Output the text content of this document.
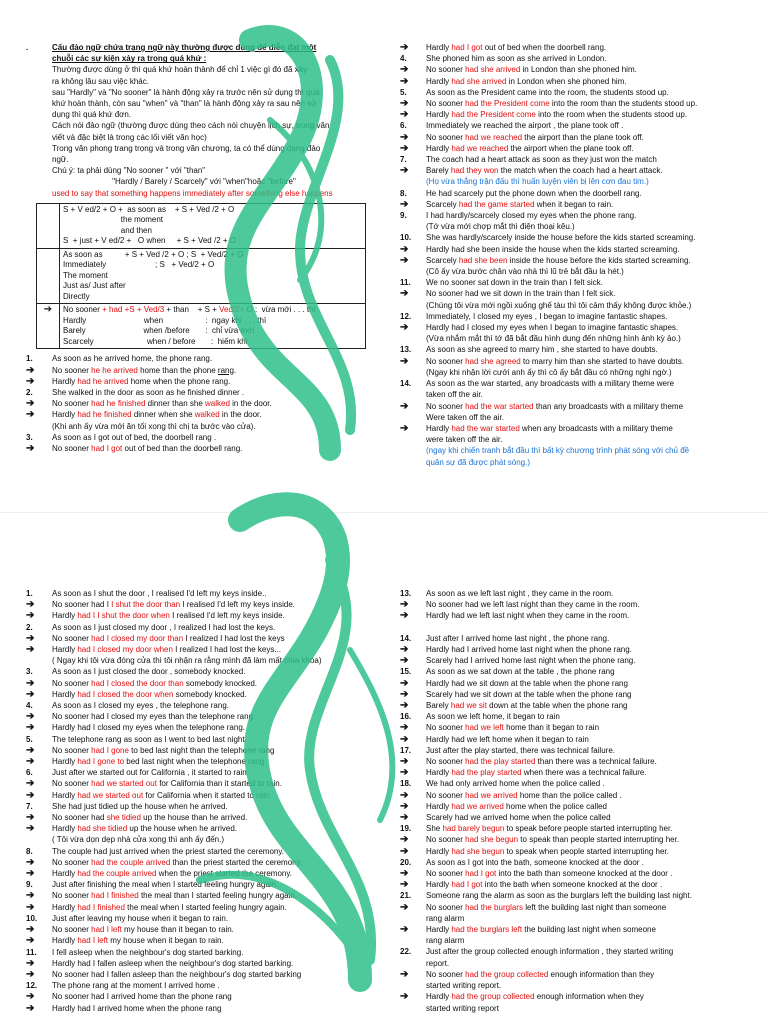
.	Cấu đảo ngữ chứa trạng ngữ này thường được dùng để diễn đạt một
chuỗi các sự kiện xảy ra trong quá khứ :
Thường được dùng ở thì quá khứ hoàn thành để chỉ 1 việc gì đó đã xảy
ra không lâu sau việc khác.
sau "Hardly" và "No sooner" là hành động xảy ra trước nên sử dụng thì quá
khứ hoàn thành, còn sau "when" và "than" là hành động xảy ra sau nên sử
dụng thì quá khứ đơn.
Cách nói đảo ngữ (thường được dùng theo cách nói chuyện lịch sự, trong văn
viết và đặc biệt là trong các lối viết văn học)
Trong văn phong trang trọng và trong văn chương, ta có thể dùng dạng đảo
ngữ.
Chú ý: ta phải dùng "No sooner " với "than"
"Hardly / Barely / Scarcely" với "when"hoặc "before"
used to say that something happens immediately after something else happens

	S + V ed/2 + O +  as soon as    + S + Ved /2 + O
the moment
and then
S  + just + V ed/2 +   O when     + S + Ved /2 + O

	As soon as          + S + Ved /2 + O ; S  + Ved/2 + O
Immediately                      ; S   + Ved/2 + O
The moment
Just as/ Just after
Directly

➔	No sooner + had +S + Ved/3 + than    + S + Ved/2+ O :  vừa mới . . . thì
Hardly                          when                   :  ngay khi . . . thì
Barely                          when /before       :  chỉ vừa mới
Scarcely                        when / before       :  hiếm khi
1.	As soon as he arrived home, the phone rang.
➔	No sooner he he arrived home than the phone rang.
➔	Hardly had he arrived home when the phone rang.
2.	She walked in the door as soon as he finished dinner .
➔	No sooner had he finished dinner than she walked in the door.
➔	Hardly had he finished dinner when she walked in the door.
(Khi anh ấy vừa mới ăn tối xong thì chị ta bước vào cửa).
3.	As soon as I got out of bed, the doorbell rang .
➔	No sooner had I got out of bed than the doorbell rang.
➔	Hardly had I got out of bed when the doorbell rang.
4.	She phoned him as soon as she arrived in London.
➔	No sooner had she arrived in London than she phoned him.
➔	Hardly had she arrived in London when she phoned him.
5.	As soon as the President came into the room, the students stood up.
➔	No sooner had the President come into the room than the students stood up.
➔	Hardly had the President come into the room when the students stood up.
6.	Immediately we reached the airport , the plane took off .
➔	No sooner had we reached the airport than the plane took off.
➔	Hardly had we reached the airport when the plane took off.
7.	The coach had a heart attack as soon as they just won the match
➔	Barely had they won the match when the coach had a heart attack.
(Họ vừa thắng trận đấu thì huấn luyện viên bị lên cơn đau tim.)
8.	He had scarcely put the phone down when the doorbell rang.
➔	Scarcely had the game started when it began to rain.
9.	I had hardly/scarcely closed my eyes when the phone rang.
(Tớ vừa mới chợp mắt thì điện thoại kêu.)
10.	She was hardly/scarcely inside the house before the kids started screaming.
➔	Hardly had she been inside the house when the kids started screaming.
➔	Scarcely had she been inside the house before the kids started screaming.
(Cô ấy vừa bước chân vào nhà thì lũ trẻ bắt đầu la hét.)
11.	We no sooner sat down in the train than I felt sick.
➔	No sooner had we sit down in the train than I felt sick.
(Chúng tôi vừa mới ngồi xuống ghế tàu thì tôi cảm thấy không được khỏe.)
12.	Immediately, I closed my eyes , I began to imagine fantastic shapes.
➔	Hardly had I closed my eyes when I began to imagine fantastic shapes.
(Vừa nhắm mắt thì tớ đã bắt đầu hình dung đến những hình ảnh kỳ ảo.)
13.	As soon as she agreed to marry him , she started to have doubts.
➔	No sooner had she agreed to marry him than she started to have doubts.
(Ngay khi nhận lời cưới anh ấy thì cô ấy bắt đầu có những nghi ngờ.)
14.	As soon as the war started, any broadcasts with a military theme were
taken off the air.
➔	No sooner had the war started than any broadcasts with a military theme
Were taken off the air.
➔	Hardly had the war started when any broadcasts with a military theme
were taken off the air.
(ngay khi chiến tranh bắt đầu thì bất kỳ chương trình phát sóng với chủ đề
quân sự đã được phát sóng.)
1.	As soon as I shut the door , I realised I'd left my keys inside..
➔	No sooner had I I shut the door than I realised I'd left my keys inside.
➔	Hardly had I I shut the door when I realised I'd left my keys inside.
2.	As soon as I just closed my door , I realized I had lost the keys.
➔	No sooner had I closed my door than I realized I had lost the keys
➔	Hardly had I closed my door when I realized I had lost the keys...
( Ngay khi tôi vừa đóng cửa thì tôi nhận ra rằng mình đã làm mất chìa khóa)
3.	As soon as I just closed the door , somebody knocked.
➔	No sooner had I closed the door than somebody knocked.
➔	Hardly had I closed the door when somebody knocked.
4.	As soon as I closed my eyes , the telephone rang.
➔	No sooner had I closed my eyes than the telephone rang.
➔	Hardly had I closed my eyes when the telephone rang.
5.	The telephone rang as soon as I went to bed last night.
➔	No sooner had I gone to bed last night than the telephone rang
➔	Hardly had I gone to bed last night when the telephone rang
6.	Just after we started out for California , it started to rain.
➔	No sooner had we started out for California than it started to rain.
➔	Hardly had we started out for California when it started to rain.
7.	She had just tidied up the house when he arrived.
➔	No sooner had she tidied up the house than he arrived.
➔	Hardly had she tidied up the house when he arrived.
( Tôi vừa dọn dẹp nhà cửa xong thì anh ấy đến.)
8.	The couple had just arrived when the priest started the ceremony.
➔	No sooner had the couple arrived than the priest started the ceremony.
➔	Hardly had the couple arrived when the priest started the ceremony.
9.	Just after finishing the meal when I started feeling hungry again.
➔	No sooner had I finished the meal than I started feeling hungry again.
➔	Hardly had I finished the meal when I started feeling hungry again.
10.	Just after leaving my house when it began to rain.
➔	No sooner had I left my house than it began to rain.
➔	Hardly had I left my house when it began to rain.
11.	I fell asleep when the neighbour's dog started barking.
➔	Hardly had I fallen asleep when the neighbour's dog started barking.
➔	No sooner had I fallen asleep than the neighbour's dog started barking
12.	The phone rang at the moment I arrived home .
➔	No sooner had I arrived home than the phone rang
➔	Hardly had I arrived home when the phone rang
13.	As soon as we left last night , they came in the room.
➔	No sooner had we left last night than they came in the room.
➔	Hardly had we left last night when they came in the room.
14.	Just after I arrived home last night , the phone rang.
➔	Hardly had I arrived home last night when the phone rang.
➔	Scarely had I arrived home last night when the phone rang.
15.	As soon as we sat down at the table , the phone rang
➔	Hardly had we sit down at the table when the phone rang
➔	Scarely had we sit down at the table when the phone rang
➔	Barely had we sit down at the table when the phone rang
16.	As soon we left home, it began to rain
➔	No sooner had we left home than it began to rain
➔	Hardly had we left home when it began to rain
17.	Just after the play started, there was technical failure.
➔	No sooner had the play started than there was a technical failure.
➔	Hardly had the play started when there was a technical failure.
18.	We had only arrived home when the police called .
➔	No sooner had we arrived home than the police called .
➔	Hardly had we arrived home when the police called
➔	Scarely had we arrived home when the police called
19.	She had barely begun to speak before people started interrupting her.
➔	No sooner had she begun to speak than people started interrupting her.
➔	Hardly had she begun to speak when people started interrupting her.
20.	As soon as I got into the bath, someone knocked at the door .
➔	No sooner had I got into the bath than someone knocked at the door .
➔	Hardly had I got into the bath when someone knocked at the door .
21.	Someone rang the alarm as soon as the burglars left the building last night.
➔	No sooner had the burglars left the building last night than someone
rang alarm
➔	Hardly had the burglars left the building last night when someone
rang alarm
22.	Just after the group collected enough information , they started writing
report.
➔	No sooner had the group collected enough information than they
started writing report.
➔	Hardly had the group collected enough information when they
started writing report
